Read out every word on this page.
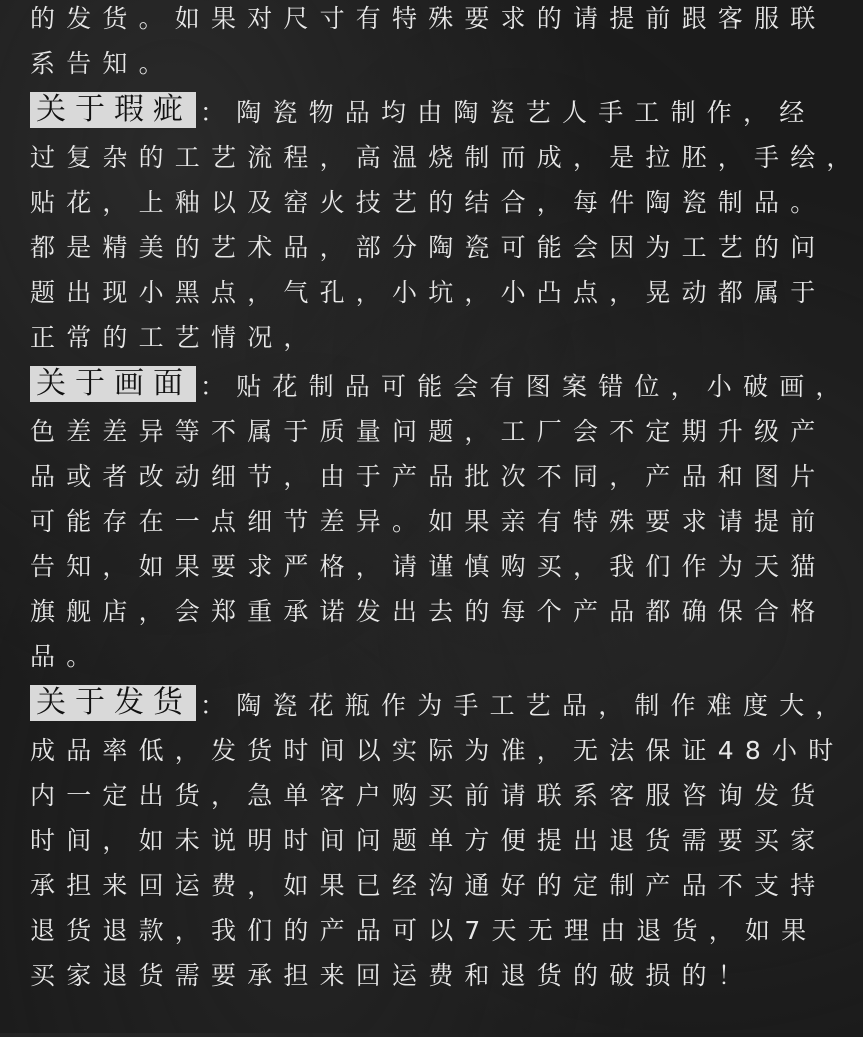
的发货。如果对尺寸有特殊要求的请提前跟客服联
系告知。
关于瑕疵 ：陶瓷物品均由陶瓷艺人手工制作，经
过复杂的工艺流程，高温烧制而成，是拉胚，手绘，
贴花，上釉以及窑火技艺的结合，每件陶瓷制品。
都是精美的艺术品，部分陶瓷可能会因为工艺的问
题出现小黑点，气孔，小坑，小凸点，晃动都属于
正常的工艺情况，
关于画面 ：贴花制品可能会有图案错位，小破画，
色差差异等不属于质量问题，工厂会不定期升级产
品或者改动细节，由于产品批次不同，产品和图片
可能存在一点细节差异。如果亲有特殊要求请提前
告知，如果要求严格，请谨慎购买，我们作为天猫
旗舰店，会郑重承诺发出去的每个产品都确保合格
品。
关于发货 ：陶瓷花瓶作为手工艺品，制作难度大，
成品率低，发货时间以实际为准，无法保证48小时
内一定出货，急单客户购买前请联系客服咨询发货
时间，如未说明时间问题单方便提出退货需要买家
承担来回运费，如果已经沟通好的定制产品不支持
退货退款，我们的产品可以7天无理由退货，如果
买家退货需要承担来回运费和退货的破损的！
